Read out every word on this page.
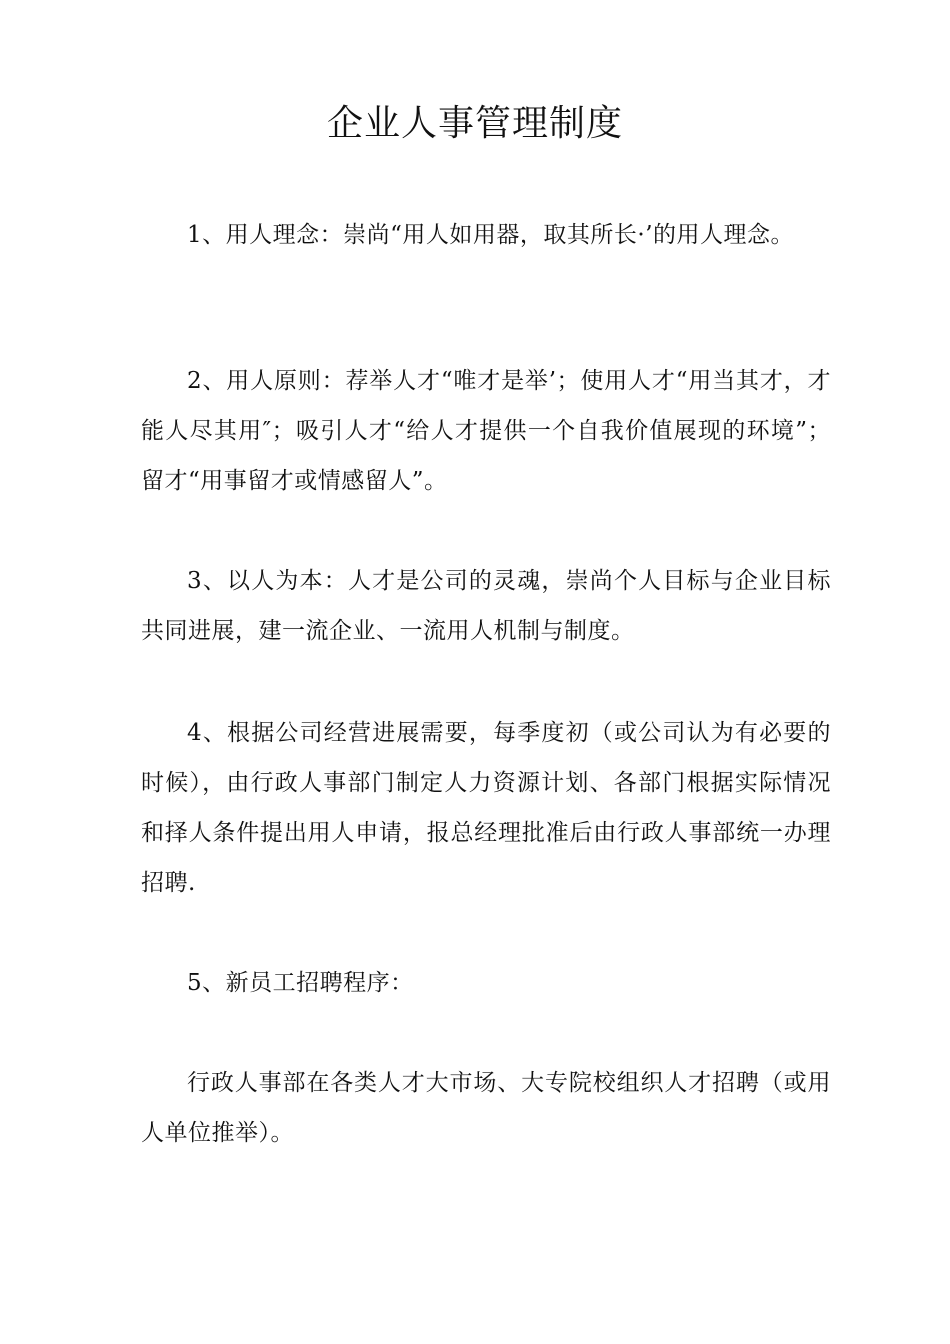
企业人事管理制度

1、用人理念：崇尚“用人如用器，取其所长·’的用人理念。

2、用人原则：荐举人才“唯才是举’；使用人才“用当其才，才能人尽其用″；吸引人才“给人才提供一个自我价值展现的环境”；留才“用事留才或情感留人”。

3、以人为本：人才是公司的灵魂，崇尚个人目标与企业目标共同进展，建一流企业、一流用人机制与制度。

4、根据公司经营进展需要，每季度初（或公司认为有必要的时候），由行政人事部门制定人力资源计划、各部门根据实际情况和择人条件提出用人申请，报总经理批准后由行政人事部统一办理招聘.

5、新员工招聘程序：

行政人事部在各类人才大市场、大专院校组织人才招聘（或用人单位推举）。
